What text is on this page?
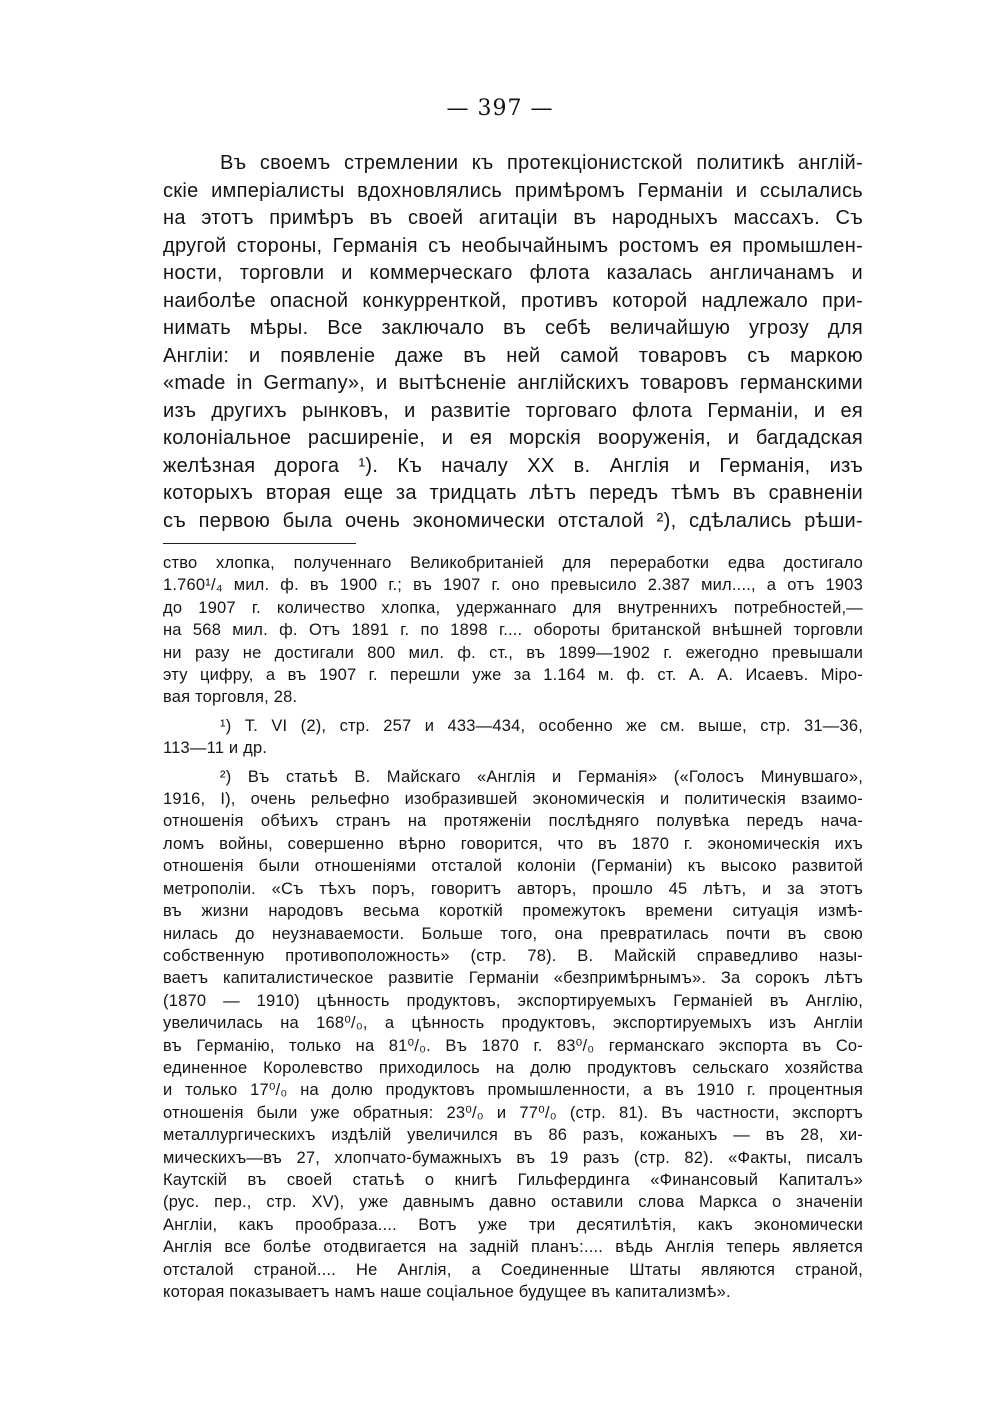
— 397 —
Въ своемъ стремлении къ протекціонистской политикѣ англій-
скіе имперіалисты вдохновлялись примѣромъ Германіи и ссылались
на этотъ примѣръ въ своей агитаціи въ народныхъ массахъ. Съ
другой стороны, Германія съ необычайнымъ ростомъ ея промышлен-
ности, торговли и коммерческаго флота казалась англичанамъ и
наиболѣе опасной конкурренткой, противъ которой надлежало при-
нимать мѣры. Все заключало въ себѣ величайшую угрозу для
Англіи: и появленіе даже въ ней самой товаровъ съ маркою
«made in Germany», и вытѣсненіе англійскихъ товаровъ германскими
изъ другихъ рынковъ, и развитіе торговаго флота Германіи, и ея
колоніальное расширеніе, и ея морскія вооруженія, и багдадская
желѣзная дорога ¹). Къ началу XX в. Англія и Германія, изъ
которыхъ вторая еще за тридцать лѣтъ передъ тѣмъ въ сравненіи
съ первою была очень экономичеcки отсталой ²), сдѣлались рѣши-
ство хлопка, полученнаго Великобританіей для переработки едва достигало
1.760¹/₄ мил. ф. въ 1900 г.; въ 1907 г. оно превысило 2.387 мил...., а отъ 1903
до 1907 г. количество хлопка, удержаннаго для внутреннихъ потребностей,—
на 568 мил. ф. Отъ 1891 г. по 1898 г.... обороты британской внѣшней торговли
ни разу не достигали 800 мил. ф. ст., въ 1899—1902 г. ежегодно превышали
эту цифру, а въ 1907 г. перешли уже за 1.164 м. ф. ст. А. А. Исаевъ. Міро-
вая торговля, 28.
¹) Т. VI (2), стр. 257 и 433—434, особенно же см. выше, стр. 31—36,
113—11 и др.
²) Въ статьѣ В. Майскаго «Англія и Германія» («Голосъ Минувшаго»,
1916, I), очень рельефно изобразившей экономическія и политическія взаимо-
отношенія обѣихъ странъ на протяженіи послѣдняго полувѣка передъ нача-
ломъ войны, совершенно вѣрно говорится, что въ 1870 г. экономическія ихъ
отношенія были отношеніями отсталой колоніи (Германіи) къ высоко развитой
метрополіи. «Съ тѣхъ поръ, говоритъ авторъ, прошло 45 лѣтъ, и за этотъ
въ жизни народовъ весьма короткій промежутокъ времени ситуація измѣ-
нилась до неузнаваемости. Больше того, она превратилась почти въ свою
собственную противоположность» (стр. 78). В. Майскій справедливо назы-
ваетъ капиталистическое развитіе Германіи «безпримѣрнымъ». За сорокъ лѣтъ
(1870 — 1910) цѣнность продуктовъ, экспортируемыхъ Германіей въ Англію,
увеличилась на 168⁰/₀, а цѣнность продуктовъ, экспортируемыхъ изъ Англіи
въ Германію, только на 81⁰/₀. Въ 1870 г. 83⁰/₀ германскаго экспорта въ Со-
единенное Королевство приходилось на долю продуктовъ сельскаго хозяйства
и только 17⁰/₀ на долю продуктовъ промышленности, а въ 1910 г. процентныя
отношенія были уже обратныя: 23⁰/₀ и 77⁰/₀ (стр. 81). Въ частности, экспортъ
металлургическихъ издѣлій увеличился въ 86 разъ, кожаныхъ — въ 28, хи-
мическихъ—въ 27, хлопчато-бумажныхъ въ 19 разъ (стр. 82). «Факты, писалъ
Каутскій въ своей статьѣ о книгѣ Гильфердинга «Финансовый Капиталъ»
(рус. пер., стр. XV), уже давнымъ давно оставили слова Маркса о значеніи
Англіи, какъ прообраза.... Вотъ уже три десятилѣтія, какъ экономически
Англія все болѣе отодвигается на задній планъ:.... вѣдь Англія теперь является
отсталой страной.... Не Англія, а Соединенные Штаты являются страной,
которая показываетъ намъ наше соціальное будущее въ капитализмѣ».
